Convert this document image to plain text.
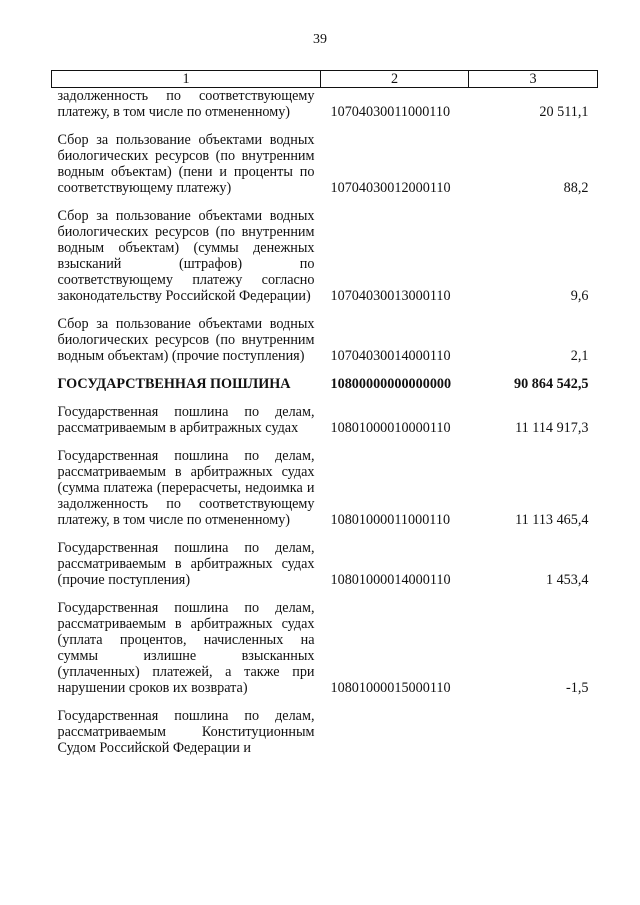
39
1	2	3
задолженность по соответствующему платежу, в том числе по отмененному)	10704030011000110	20 511,1

Сбор за пользование объектами водных биологических ресурсов (по внутренним водным объектам) (пени и проценты по соответствующему платежу)	10704030012000110	88,2

Сбор за пользование объектами водных биологических ресурсов (по внутренним водным объектам) (суммы денежных взысканий (штрафов) по соответствующему платежу согласно законодательству Российской Федерации)	10704030013000110	9,6

Сбор за пользование объектами водных биологических ресурсов (по внутренним водным объектам) (прочие поступления)	10704030014000110	2,1

ГОСУДАРСТВЕННАЯ ПОШЛИНА	10800000000000000	90 864 542,5

Государственная пошлина по делам, рассматриваемым в арбитражных судах	10801000010000110	11 114 917,3

Государственная пошлина по делам, рассматриваемым в арбитражных судах (сумма платежа (перерасчеты, недоимка и задолженность по соответствующему платежу, в том числе по отмененному)	10801000011000110	11 113 465,4

Государственная пошлина по делам, рассматриваемым в арбитражных судах (прочие поступления)	10801000014000110	1 453,4

Государственная пошлина по делам, рассматриваемым в арбитражных судах (уплата процентов, начисленных на суммы излишне взысканных (уплаченных) платежей, а также при нарушении сроков их возврата)	10801000015000110	-1,5

Государственная пошлина по делам, рассматриваемым Конституционным Судом Российской Федерации и		
